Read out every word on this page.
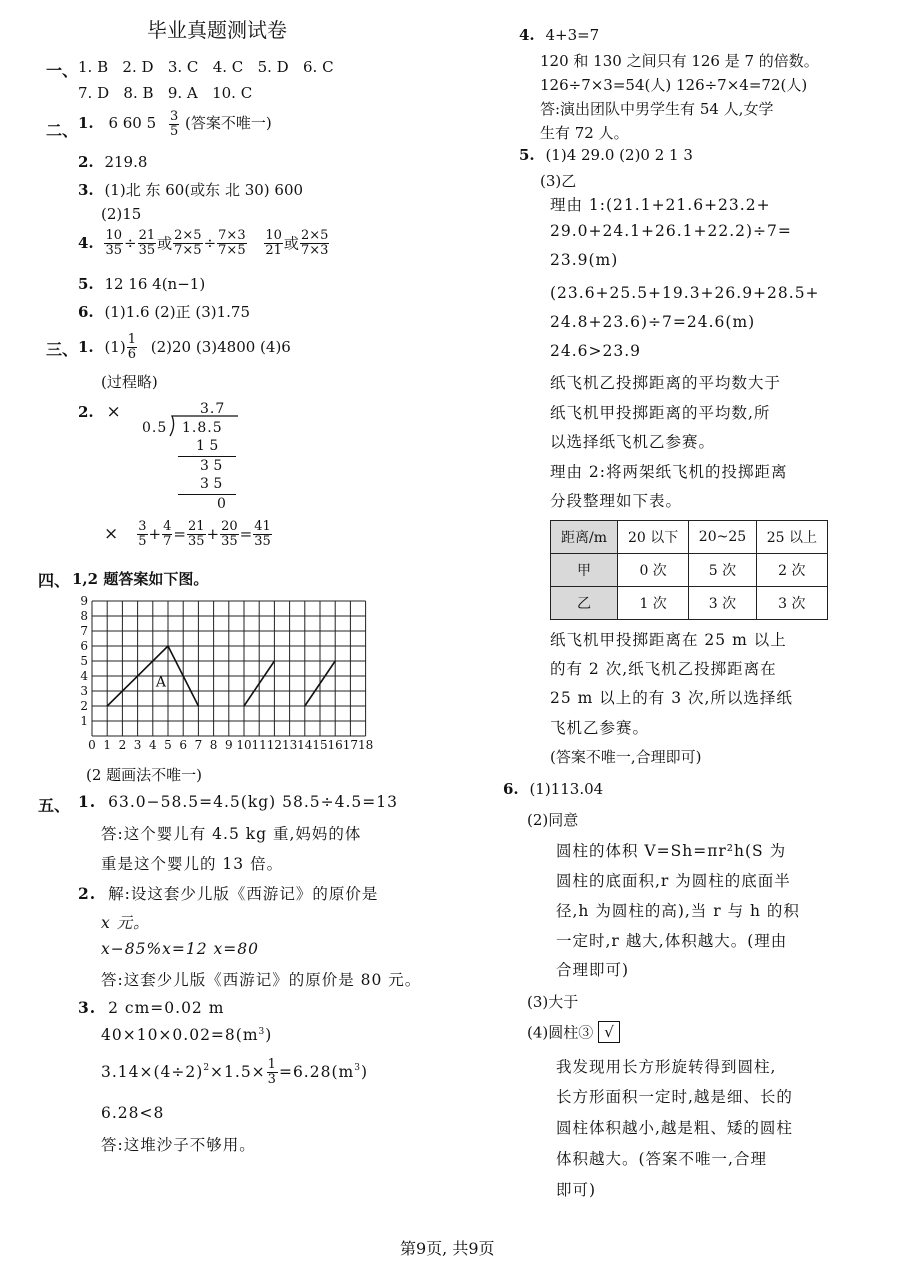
毕业真题测试卷
一、 1. B 2. D 3. C 4. C 5. D 6. C
7. D 8. B 9. A 10. C
二、 1. 6 60 $5 \frac{3}{5}$ (答案不唯一)
2. 219.8
3. (1)北 东 60(或东 北 30) 600
(2)15
4. $\frac{10}{35} \div \frac{21}{35}$ 或 $\frac{2\times 5}{7\times 5} \div \frac{7\times 3}{7\times 5}$
$\frac{10}{21}$ 或 $\frac{2\times 5}{7\times 3}$
5. 12 16 4(n−1)
6. (1)1.6 (2)正 (3)1.75
三、 1. $(1) \frac{1}{6} (2)20$ (3)4800 (4)6
(过程略)
2. ×	3.7
0.5 1.8.5
1 5
3 5
3 5
0
× $\frac{3}{5} + \frac{4}{7} = \frac{21}{35} + \frac{20}{35} = \frac{41}{35}$
四、 1,2 题答案如下图。
0 1 2 3 4 5 6 7 8 9 10 11 12 13 14 15 16 17 18
1
2
3
4
5
6
7
8
9
A
(2 题画法不唯一)
五、 1. 63.0−58.5=4.5(kg) 58.5÷4.5=13
答:这个婴儿有 4.5 kg 重,妈妈的体
重是这个婴儿的 13 倍。
2. 解:设这套少儿版《西游记》的原价是
x 元。
x−85%x=12 x=80
答:这套少儿版《西游记》的原价是 80 元。
3. 2 cm=0.02 m
$40\times 10\times 0.02=8(m^3)$
$3.14\times(4\div 2)^2\times 1.5\times \frac{1}{3} =6.28(m^3)$
6.28<8
答:这堆沙子不够用。
4. 4+3=7
120 和 130 之间只有 126 是 7 的倍数。
126÷7×3=54(人) 126÷7×4=72(人)
答:演出团队中男学生有 54 人,女学
生有 72 人。
5. (1)4 29.0 (2)0 2 1 3
(3)乙
理由 1:(21.1+21.6+23.2+
29.0+24.1+26.1+22.2)÷7=
23.9(m)
(23.6+25.5+19.3+26.9+28.5+
24.8+23.6)÷7=24.6(m)
24.6>23.9
纸飞机乙投掷距离的平均数大于
纸飞机甲投掷距离的平均数,所
以选择纸飞机乙参赛。
理由 2:将两架纸飞机的投掷距离
分段整理如下表。
距离/m	20 以下	20~25	25 以上
甲	0 次	5 次	2 次
乙	1 次	3 次	3 次
纸飞机甲投掷距离在 25 m 以上
的有 2 次,纸飞机乙投掷距离在
25 m 以上的有 3 次,所以选择纸
飞机乙参赛。
(答案不唯一,合理即可)
6. (1)113.04
(2)同意
圆柱的体积 V=Sh=πr²h(S 为
圆柱的底面积,r 为圆柱的底面半
径,h 为圆柱的高),当 r 与 h 的积
一定时,r 越大,体积越大。(理由
合理即可)
(3)大于
(4)圆柱③ √
我发现用长方形旋转得到圆柱,
长方形面积一定时,越是细、长的
圆柱体积越小,越是粗、矮的圆柱
体积越大。(答案不唯一,合理
即可)
第9页, 共9页
